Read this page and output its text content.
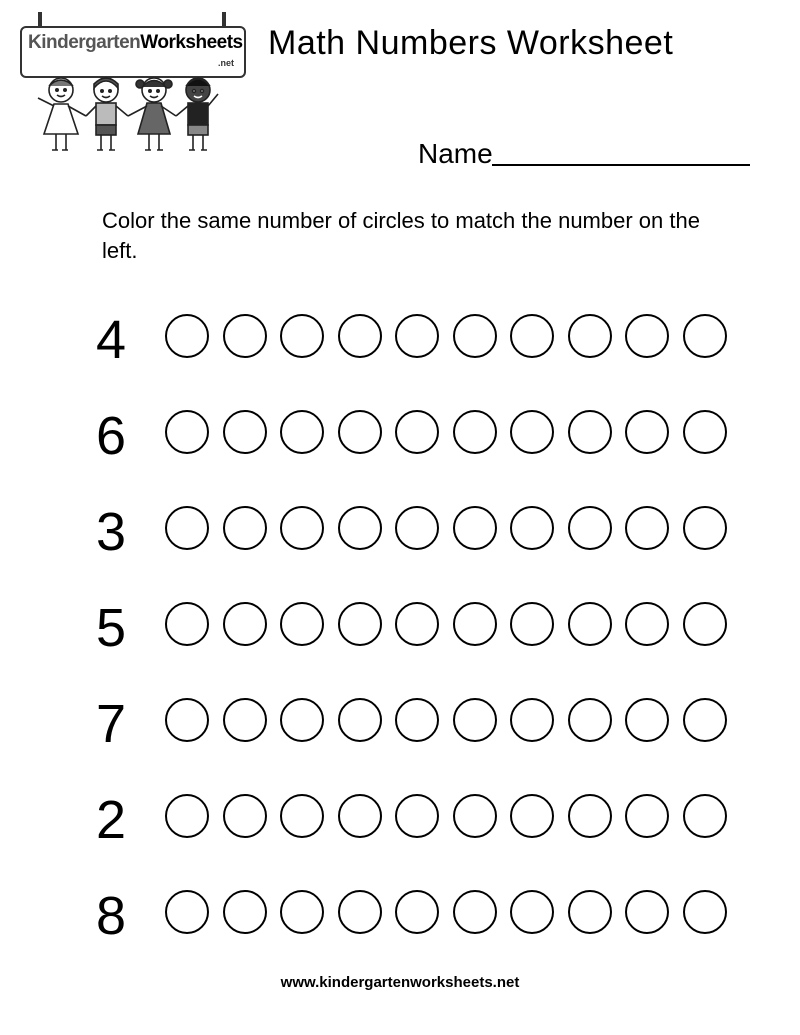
KindergartenWorksheets
.net
Math Numbers Worksheet
Name
Color the same number of circles to match the number on the left.
4
6
3
5
7
2
8
www.kindergartenworksheets.net
